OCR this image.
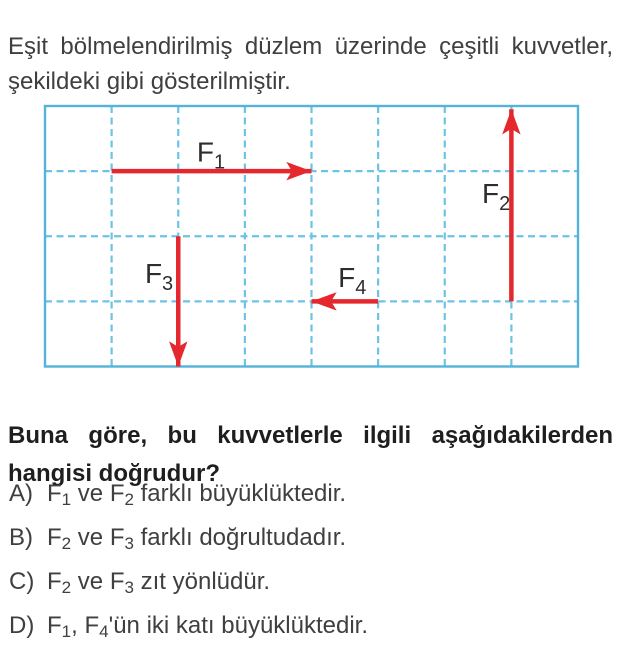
Eşit bölmelendirilmiş düzlem üzerinde çeşitli kuvvetler,
şekildeki gibi gösterilmiştir.

$F_1$
$F_2$
$F_3$	$F_4$

Buna göre, bu kuvvetlerle ilgili aşağıdakilerden
hangisi doğrudur?

A) F1 ve F2 farklı büyüklüktedir.
B) F2 ve F3 farklı doğrultudadır.
C) F2 ve F3 zıt yönlüdür.
D) F1, F4'ün iki katı büyüklüktedir.
